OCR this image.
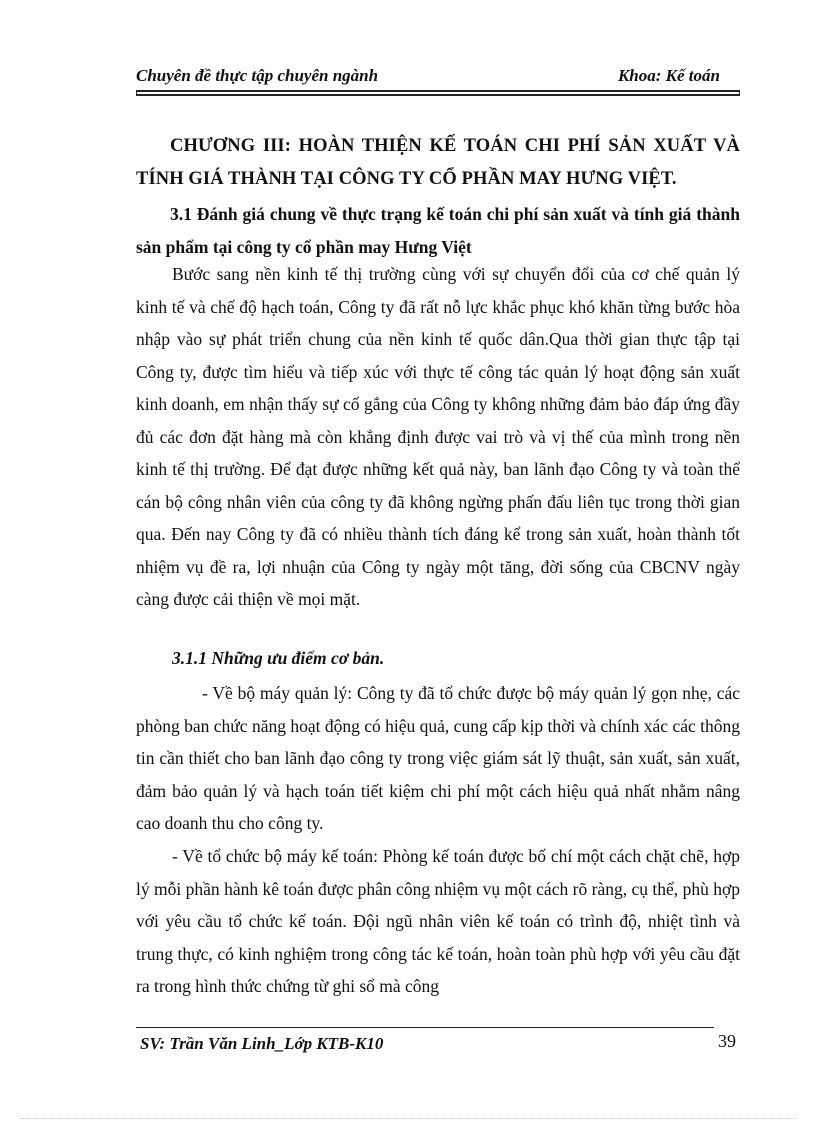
Chuyên đề thực tập chuyên ngành	Khoa: Kế toán
CHƯƠNG III: HOÀN THIỆN KẾ TOÁN CHI PHÍ SẢN XUẤT VÀ TÍNH GIÁ THÀNH TẠI CÔNG TY CỔ PHẦN MAY HƯNG VIỆT.
3.1 Đánh giá chung về thực trạng kế toán chi phí sản xuất và tính giá thành sản phẩm tại công ty cổ phần may Hưng Việt
Bước sang nền kinh tế thị trường cùng với sự chuyển đổi của cơ chế quản lý kinh tế và chế độ hạch toán, Công ty đã rất nỗ lực khắc phục khó khăn từng bước hòa nhập vào sự phát triển chung của nền kinh tế quốc dân.Qua thời gian thực tập tại Công ty, được tìm hiểu và tiếp xúc với thực tế công tác quản lý hoạt động sản xuất kinh doanh, em nhận thấy sự cố gắng của Công ty không những đảm bảo đáp ứng đầy đủ các đơn đặt hàng mà còn khẳng định được vai trò và vị thế của mình trong nền kinh tế thị trường. Để đạt được những kết quả này, ban lãnh đạo Công ty và toàn thể cán bộ công nhân viên của công ty đã không ngừng phấn đấu liên tục trong thời gian qua. Đến nay Công ty đã có nhiều thành tích đáng kể trong sản xuất, hoàn thành tốt nhiệm vụ đề ra, lợi nhuận của Công ty ngày một tăng, đời sống của CBCNV ngày càng được cải thiện về mọi mặt.
3.1.1 Những ưu điểm cơ bản.
- Về bộ máy quản lý: Công ty đã tổ chức được bộ máy quản lý gọn nhẹ, các phòng ban chức năng hoạt động có hiệu quả, cung cấp kịp thời và chính xác các thông tin cần thiết cho ban lãnh đạo công ty trong việc giám sát lỹ thuật, sản xuất, sản xuất, đảm bảo quản lý và hạch toán tiết kiệm chi phí một cách hiệu quả nhất nhằm nâng cao doanh thu cho công ty.
- Về tổ chức bộ máy kế toán: Phòng kế toán được bố chí một cách chặt chẽ, hợp lý mỗi phần hành kê toán được phân công nhiệm vụ một cách rõ ràng, cụ thể, phù hợp với yêu cầu tổ chức kế toán. Đội ngũ nhân viên kế toán có trình độ, nhiệt tình và trung thực, có kinh nghiệm trong công tác kế toán, hoàn toàn phù hợp với yêu cầu đặt ra trong hình thức chứng từ ghi sổ mà công
SV: Trần Văn Linh_Lớp KTB-K10	39
